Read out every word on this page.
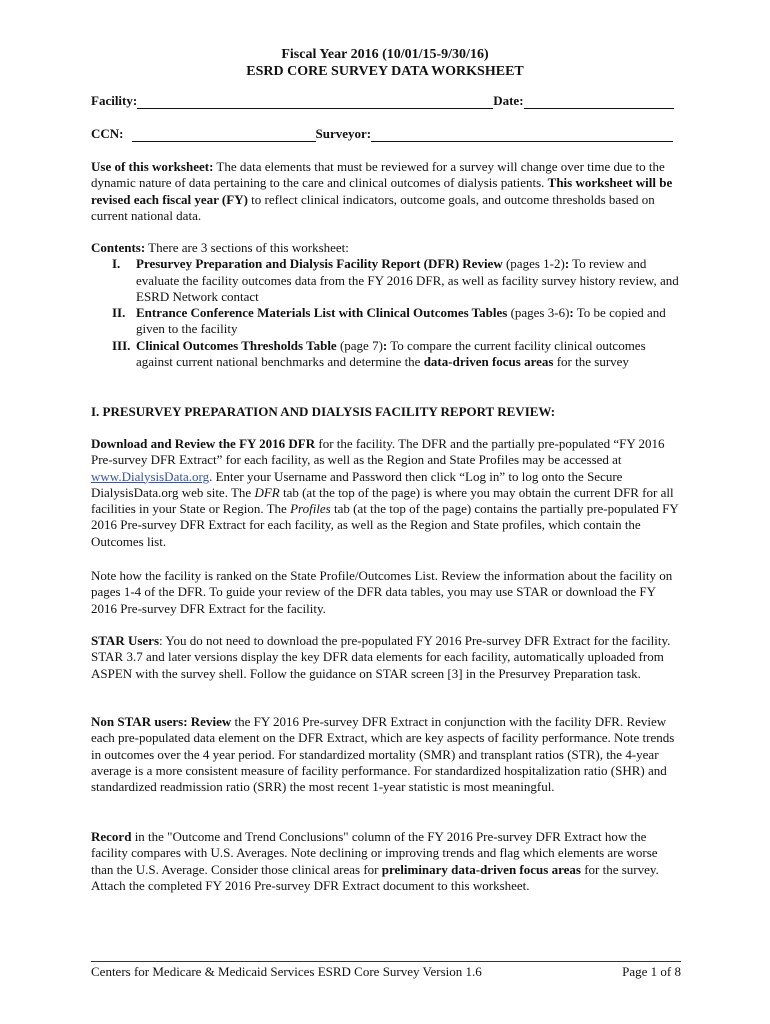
Fiscal Year 2016 (10/01/15-9/30/16)
ESRD CORE SURVEY DATA WORKSHEET
Facility:	Date:
CCN:	Surveyor:

Use of this worksheet: The data elements that must be reviewed for a survey will change over time due to the dynamic nature of data pertaining to the care and clinical outcomes of dialysis patients. This worksheet will be revised each fiscal year (FY) to reflect clinical indicators, outcome goals, and outcome thresholds based on current national data.

Contents: There are 3 sections of this worksheet:

I.	Presurvey Preparation and Dialysis Facility Report (DFR) Review (pages 1-2): To review and evaluate the facility outcomes data from the FY 2016 DFR, as well as facility survey history review, and ESRD Network contact
II. Entrance Conference Materials List with Clinical Outcomes Tables (pages 3-6): To be copied and given to the facility
III. Clinical Outcomes Thresholds Table (page 7): To compare the current facility clinical outcomes against current national benchmarks and determine the data-driven focus areas for the survey
I. PRESURVEY PREPARATION AND DIALYSIS FACILITY REPORT REVIEW:

Download and Review the FY 2016 DFR for the facility. The DFR and the partially pre-populated “FY 2016 Pre-survey DFR Extract” for each facility, as well as the Region and State Profiles may be accessed at www.DialysisData.org. Enter your Username and Password then click “Log in” to log onto the Secure DialysisData.org web site. The DFR tab (at the top of the page) is where you may obtain the current DFR for all facilities in your State or Region. The Profiles tab (at the top of the page) contains the partially pre-populated FY 2016 Pre-survey DFR Extract for each facility, as well as the Region and State profiles, which contain the Outcomes list.

Note how the facility is ranked on the State Profile/Outcomes List. Review the information about the facility on pages 1-4 of the DFR. To guide your review of the DFR data tables, you may use STAR or download the FY 2016 Pre-survey DFR Extract for the facility.

STAR Users: You do not need to download the pre-populated FY 2016 Pre-survey DFR Extract for the facility. STAR 3.7 and later versions display the key DFR data elements for each facility, automatically uploaded from ASPEN with the survey shell. Follow the guidance on STAR screen [3] in the Presurvey Preparation task.

Non STAR users: Review the FY 2016 Pre-survey DFR Extract in conjunction with the facility DFR. Review each pre-populated data element on the DFR Extract, which are key aspects of facility performance. Note trends in outcomes over the 4 year period. For standardized mortality (SMR) and transplant ratios (STR), the 4-year average is a more consistent measure of facility performance. For standardized hospitalization ratio (SHR) and standardized readmission ratio (SRR) the most recent 1-year statistic is most meaningful.

Record in the "Outcome and Trend Conclusions" column of the FY 2016 Pre-survey DFR Extract how the facility compares with U.S. Averages. Note declining or improving trends and flag which elements are worse than the U.S. Average. Consider those clinical areas for preliminary data-driven focus areas for the survey. Attach the completed FY 2016 Pre-survey DFR Extract document to this worksheet.

Centers for Medicare & Medicaid Services ESRD Core Survey Version 1.6	Page 1 of 8
